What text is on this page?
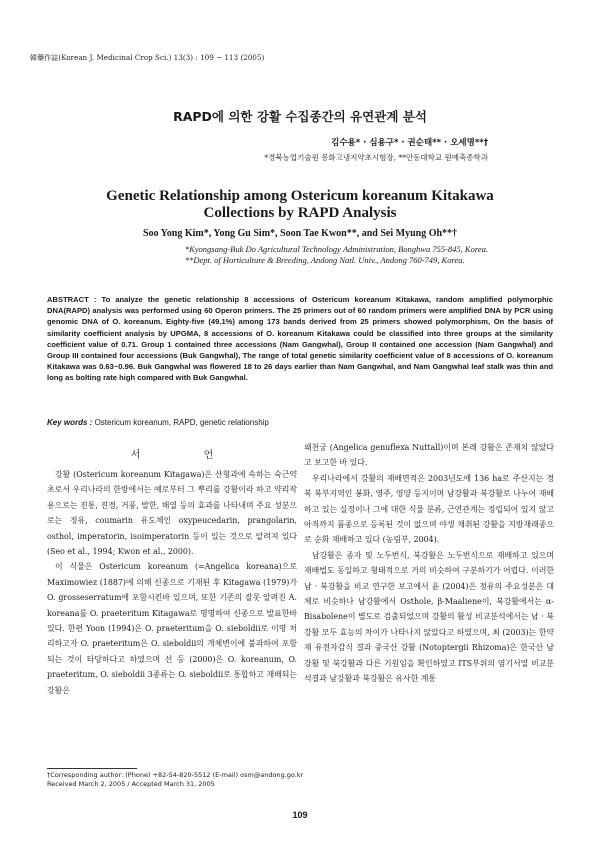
韓藥作誌(Korean J. Medicinal Crop Sci.) 13(3) : 109 ~ 113 (2005)
RAPD에 의한 강활 수집종간의 유연관계 분석
김수용* · 심용구* · 권순태** · 오세명**†
*경북농업기술원 봉화고냉지약초시험장, **안동대학교 원예축종학과
Genetic Relationship among Ostericum koreanum Kitakawa
Collections by RAPD Analysis
Soo Yong Kim*, Yong Gu Sim*, Soon Tae Kwon**, and Sei Myung Oh**†
*Kyongsang-Buk Do Agricultural Technology Administration, Bonghwa 755-845, Korea.
**Dept. of Horticulture & Breeding, Andong Natl. Univ., Andong 760-749, Korea.

ABSTRACT : To analyze the genetic relationship 8 accessions of Ostericum koreanum Kitakawa, random amplified polymorphic DNA(RAPD) analysis was performed using 60 Operon primers. The 25 primers out of 60 random primers were amplified DNA by PCR using genomic DNA of O. koreanum. Eighty-five (49.1%) among 173 bands derived from 25 primers showed polymorphism, On the basis of similarity coefficient analysis by UPGMA, 8 accessions of O. koreanum Kitakawa could be classified into three groups at the similarity coefficient value of 0.71. Group 1 contained three accessions (Nam Gangwhal), Group II contained one accession (Nam Gangwhal) and Group III contained four accessions (Buk Gangwhal), The range of total genetic similarity coefficient value of 8 accessions of O. koreanum Kitakawa was 0.63~0.96. Buk Gangwhal was flowered 18 to 26 days earlier than Nam Gangwhal, and Nam Gangwhal leaf stalk was thin and long as bolting rate high compared with Buk Gangwhal.

Key words : Ostericum koreanum, RAPD, genetic relationship
서 언

강활 (Ostericum koreanum Kitagawa)은 산형과에 속하는 숙근약초로서 우리나라의 한방에서는 예로부터 그 뿌리를 강활이라 하고 약리작용으로는 진통, 진경, 거풍, 발한, 해열 등의 효과를 나타내며 주요 성분으로는 정유, coumarin 유도체인 oxypeucedarin, prangolarin, osthol, imperatorin, isoimperatorin 등이 있는 것으로 알려져 있다 (Seo et al., 1994; Kwon et al., 2000).

이 식물은 Ostericum koreanum (=Angelica koreana)으로 Maximowiez (1887)에 의해 신종으로 기재된 후 Kitagawa (1979)가 O. grosseserratum에 포함시킨바 있으며, 또한 기존의 잘못 알려진 A. koreana를 O. praeteritum Kitagawa로 명명하여 신종으로 발표한바 있다. 한편 Yoon (1994)은 O. praeteritum을 O. sieboldii로 이명 처리하고자 O. praeteritum은 O. sieboldii의 개체변이에 불과하여 포함되는 것이 타당하다고 하였으며 선 등 (2000)은 O. koreanum, O. praeteritum, O. sieboldii 3종류는 O. sieboldii로 통합하고 재배되는 강활은

왜천궁 (Angelica genuflexa Nuttall)이며 본래 강활은 존재치 않았다고 보고한 바 있다.

우리나라에서 강활의 재배면적은 2003년도에 136 ha로 주산지는 경북 북부지역인 봉화, 영주, 영양 등지이며 남강활과 북강활로 나누어 재배하고 있는 실정이나 그에 대한 식물 분류, 근연관계는 정립되어 있지 않고 아직까지 품종으로 등록된 것이 없으며 야생 채취된 강활을 지방재래종으로 순화 재배하고 있다 (농림부, 2004).

남강활은 종자 및 노두번식, 북강활은 노두번식으로 재배하고 있으며 재배법도 동일하고 형태적으로 거의 비슷하여 구분하기가 어렵다. 이러한 남 · 북강활을 비교 연구한 보고에서 윤 (2004)은 정유의 주요성분은 대체로 비슷하나 남강활에서 Osthole, β-Maaliene이, 북강활에서는 α-Bisabolene이 별도로 검출되었으며 강활의 활성 비교분석에서는 남 · 북강활 모두 효능의 차이가 나타나지 않았다고 하였으며, 최 (2003)는 한약재 유전자감식 결과 중국산 강활 (Notoptergii Rhizoma)은 한국산 남강활 및 북강활과 다른 기원임을 확인하였고 ITS부위의 염기서열 비교분석결과 남강활과 북강활은 유사한 계통

†Corresponding author: (Phone) +82-54-820-5512 (E-mail) osm@andong.go.kr
Received March 2, 2005 / Accepted March 31, 2005
109
